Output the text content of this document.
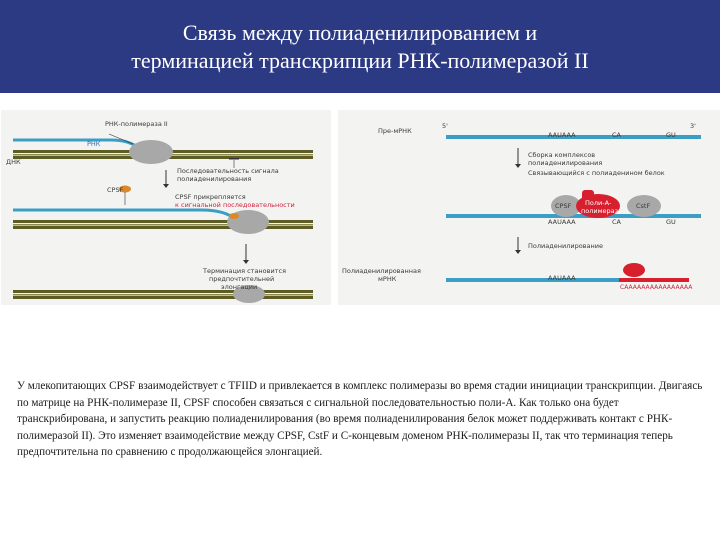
Связь между полиаденилированием и
терминацией транскрипции РНК-полимеразой II
РНК-полимераза II
РНК
ДНК
Последовательность сигнала
полиаденилирования
CPSF
CPSF прикрепляется
к сигнальной последовательности
Терминация становится
предпочтительней
элонгации
Пре-мРНК
5'	3'
AAUAAA	CA	GU
Сборка комплексов
полиаденилирования
Связывающийся с полиаденином белок
CPSF Поли-А-
полимераза
CstF
AAUAAA	CA	GU
Полиаденилирование
Полиаденилированная
мРНК	AAUAAA
CAAAAAAAAAAAAAAAA
У млекопитающих CPSF взаимодействует с TFIID и привлекается в комплекс полимеразы во время стадии инициации транскрипции. Двигаясь по матрице на РНК-полимеразе II, CPSF способен связаться с сигнальной последовательностью поли-А. Как только она будет транскрибирована, и запустить реакцию полиаденилирования (во время полиаденилирования белок может поддерживать контакт с РНК-полимеразой II). Это изменяет взаимодействие между CPSF, CstF и С-концевым доменом РНК-полимеразы II, так что терминация теперь предпочтительна по сравнению с продолжающейся элонгацией.
